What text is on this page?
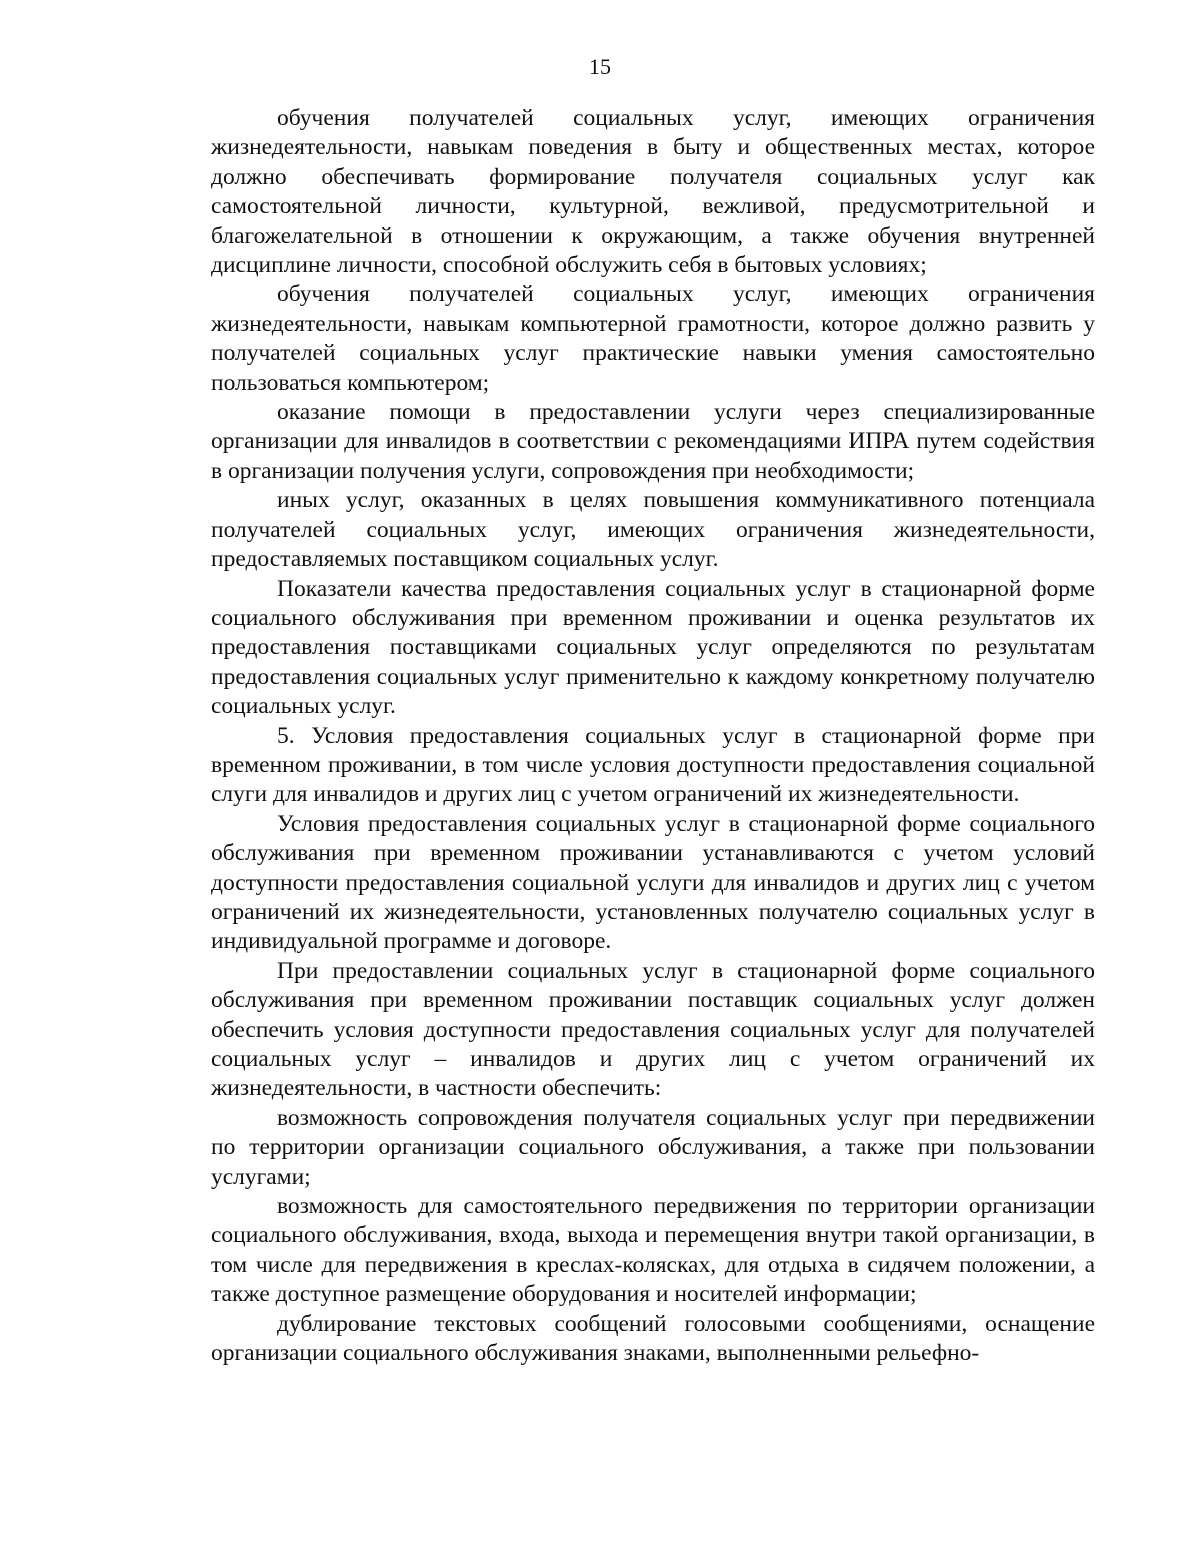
15

обучения получателей социальных услуг, имеющих ограничения жизнедеятельности, навыкам поведения в быту и общественных местах, которое должно обеспечивать формирование получателя социальных услуг как самостоятельной личности, культурной, вежливой, предусмотрительной и благожелательной в отношении к окружающим, а также обучения внутренней дисциплине личности, способной обслужить себя в бытовых условиях;

обучения получателей социальных услуг, имеющих ограничения жизнедеятельности, навыкам компьютерной грамотности, которое должно развить у получателей социальных услуг практические навыки умения самостоятельно пользоваться компьютером;

оказание помощи в предоставлении услуги через специализированные организации для инвалидов в соответствии с рекомендациями ИПРА путем содействия в организации получения услуги, сопровождения при необходимости;

иных услуг, оказанных в целях повышения коммуникативного потенциала получателей социальных услуг, имеющих ограничения жизнедеятельности, предоставляемых поставщиком социальных услуг.

Показатели качества предоставления социальных услуг в стационарной форме социального обслуживания при временном проживании и оценка результатов их предоставления поставщиками социальных услуг определяются по результатам предоставления социальных услуг применительно к каждому конкретному получателю социальных услуг.

5. Условия предоставления социальных услуг в стационарной форме при временном проживании, в том числе условия доступности предоставления социальной слуги для инвалидов и других лиц с учетом ограничений их жизнедеятельности.

Условия предоставления социальных услуг в стационарной форме социального обслуживания при временном проживании устанавливаются с учетом условий доступности предоставления социальной услуги для инвалидов и других лиц с учетом ограничений их жизнедеятельности, установленных получателю социальных услуг в индивидуальной программе и договоре.

При предоставлении социальных услуг в стационарной форме социального обслуживания при временном проживании поставщик социальных услуг должен обеспечить условия доступности предоставления социальных услуг для получателей социальных услуг – инвалидов и других лиц с учетом ограничений их жизнедеятельности, в частности обеспечить:

возможность сопровождения получателя социальных услуг при передвижении по территории организации социального обслуживания, а также при пользовании услугами;

возможность для самостоятельного передвижения по территории организации социального обслуживания, входа, выхода и перемещения внутри такой организации, в том числе для передвижения в креслах-колясках, для отдыха в сидячем положении, а также доступное размещение оборудования и носителей информации;

дублирование текстовых сообщений голосовыми сообщениями, оснащение организации социального обслуживания знаками, выполненными рельефно-
